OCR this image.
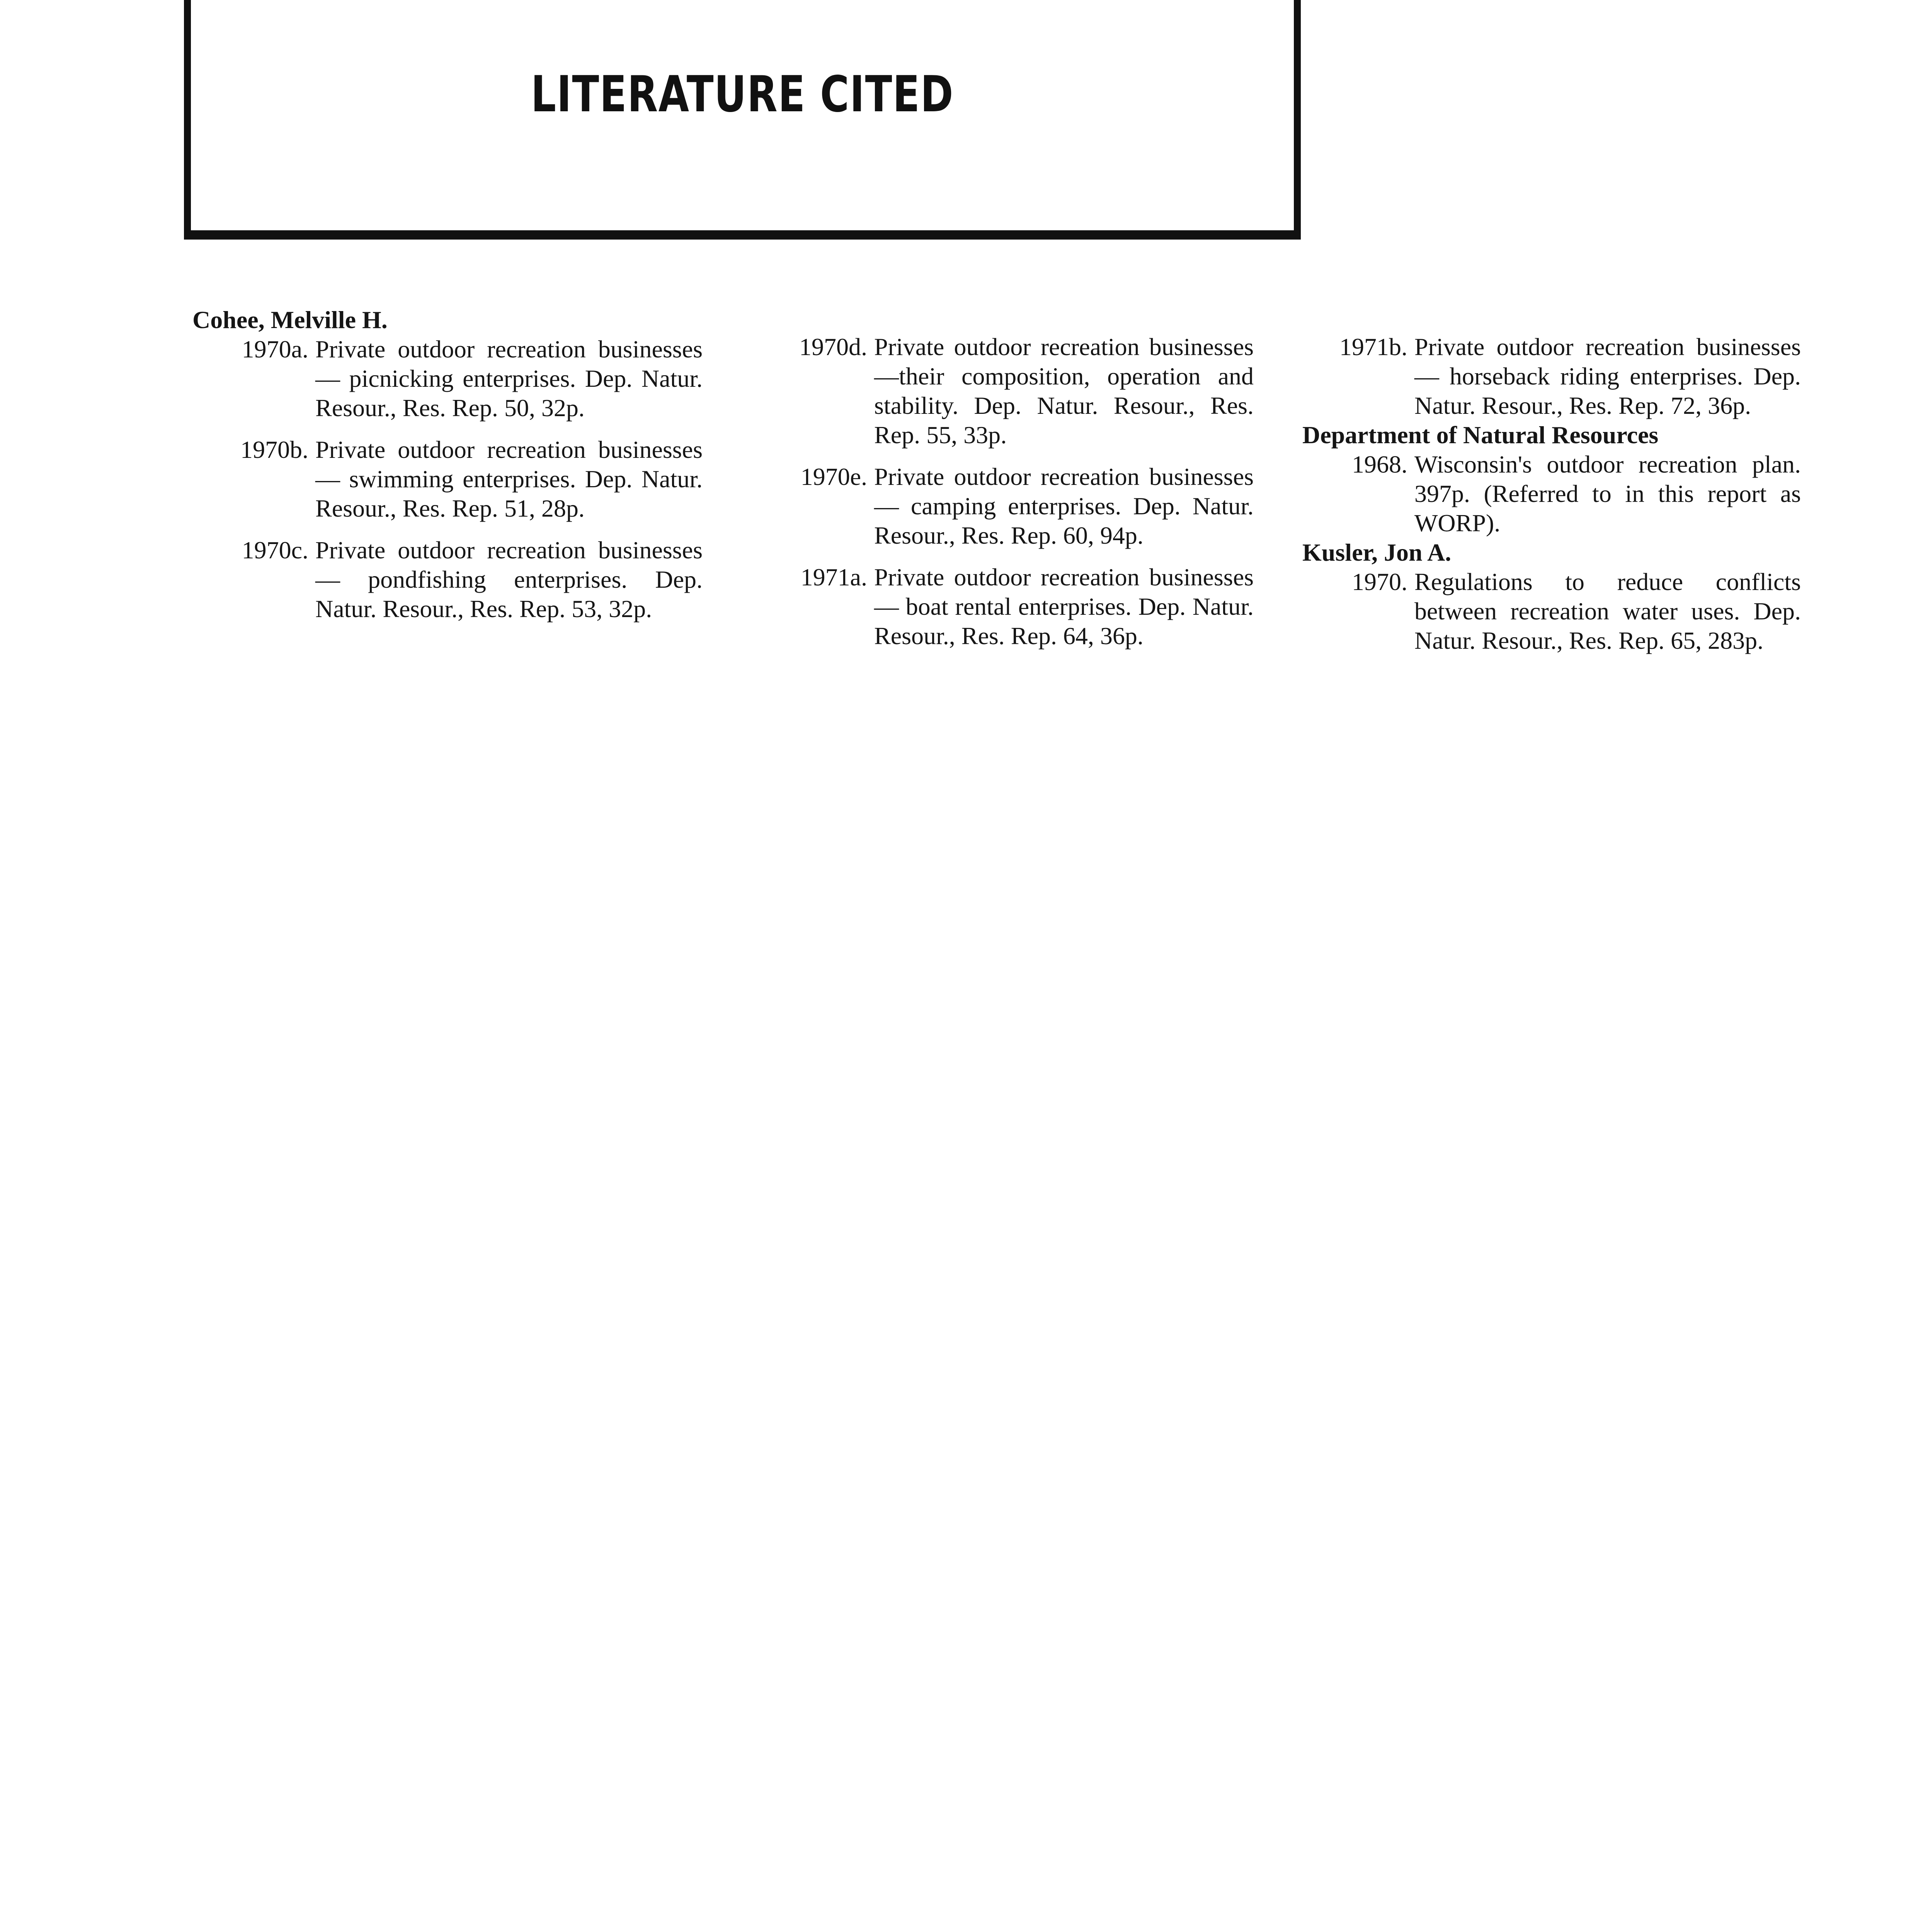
LITERATURE CITED

Cohee, Melville H.

1970a. Private outdoor recreation businesses — picnicking enterprises. Dep. Natur. Resour., Res. Rep. 50, 32p.
1970b. Private outdoor recreation businesses — swimming enterprises. Dep. Natur. Resour., Res. Rep. 51, 28p.
1970c. Private outdoor recreation businesses — pondfishing enterprises. Dep. Natur. Resour., Res. Rep. 53, 32p.
1970d. Private outdoor recreation businesses—their composition, operation and stability. Dep. Natur. Resour., Res. Rep. 55, 33p.
1970e. Private outdoor recreation businesses — camping enterprises. Dep. Natur. Resour., Res. Rep. 60, 94p.
1971a. Private outdoor recreation businesses — boat rental enterprises. Dep. Natur. Resour., Res. Rep. 64, 36p.
1971b. Private outdoor recreation businesses — horseback riding enterprises. Dep. Natur. Resour., Res. Rep. 72, 36p.

Department of Natural Resources

1968. Wisconsin's outdoor recreation plan. 397p. (Referred to in this report as WORP).

Kusler, Jon A.

1970. Regulations to reduce conflicts between recreation water uses. Dep. Natur. Resour., Res. Rep. 65, 283p.
